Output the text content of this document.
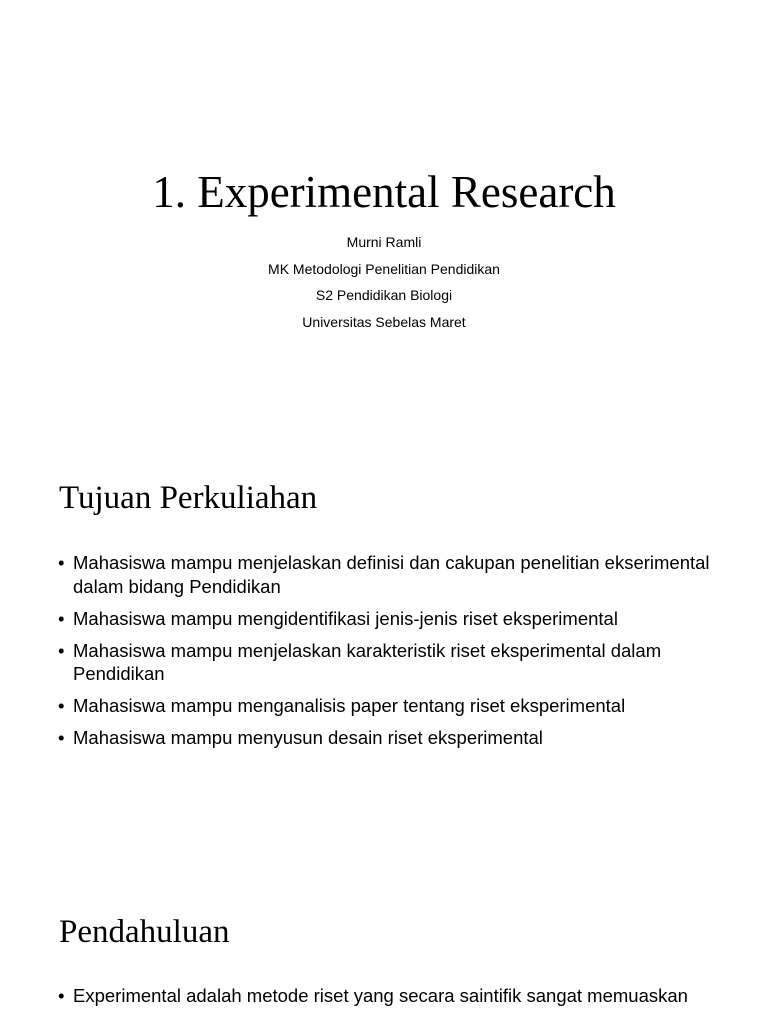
1. Experimental Research
Murni Ramli
MK Metodologi Penelitian Pendidikan
S2 Pendidikan Biologi
Universitas Sebelas Maret
Tujuan Perkuliahan
• Mahasiswa mampu menjelaskan definisi dan cakupan penelitian ekserimental dalam bidang Pendidikan
• Mahasiswa mampu mengidentifikasi jenis-jenis riset eksperimental
• Mahasiswa mampu menjelaskan karakteristik riset eksperimental dalam Pendidikan
• Mahasiswa mampu menganalisis paper tentang riset eksperimental
• Mahasiswa mampu menyusun desain riset eksperimental
Pendahuluan
• Experimental adalah metode riset yang secara saintifik sangat memuaskan
